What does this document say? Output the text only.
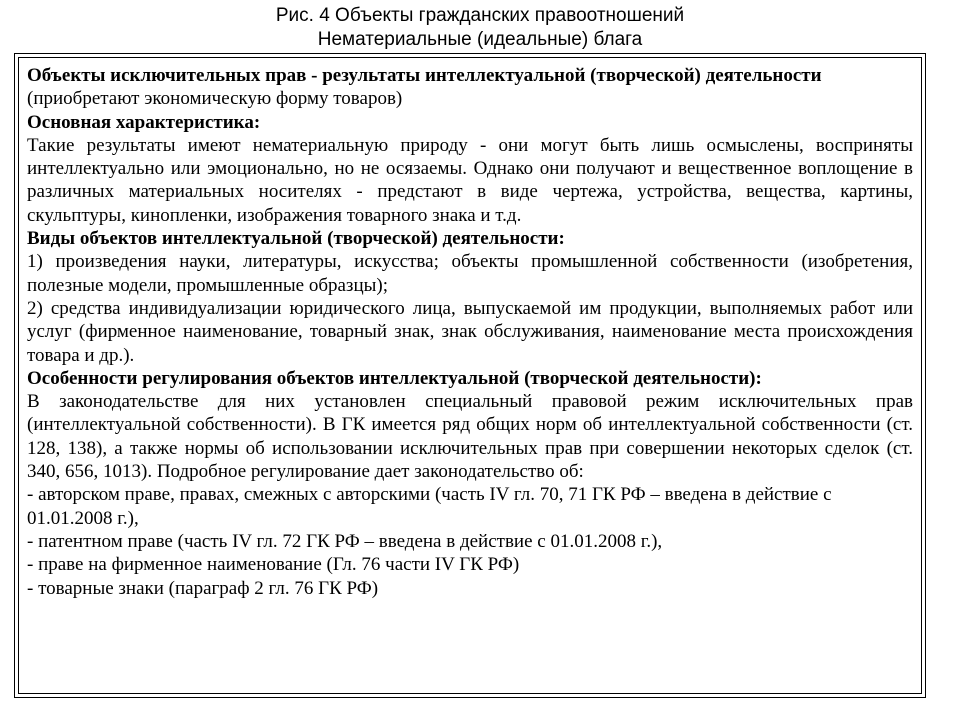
Рис. 4 Объекты гражданских правоотношений
Нематериальные (идеальные) блага

Объекты исключительных прав - результаты интеллектуальной (творческой) деятельности

(приобретают экономическую форму товаров)

Основная характеристика:

Такие результаты имеют нематериальную природу - они могут быть лишь осмыслены, восприняты интеллектуально или эмоционально, но не осязаемы. Однако они получают и вещественное воплощение в различных материальных носителях - предстают в виде чертежа, устройства, вещества, картины, скульптуры, кинопленки, изображения товарного знака и т.д.

Виды объектов интеллектуальной (творческой) деятельности:

1) произведения науки, литературы, искусства; объекты промышленной собственности (изобретения, полезные модели, промышленные образцы);

2) средства индивидуализации юридического лица, выпускаемой им продукции, выполняемых работ или услуг (фирменное наименование, товарный знак, знак обслуживания, наименование места происхождения товара и др.).

Особенности регулирования объектов интеллектуальной (творческой деятельности):

В законодательстве для них установлен специальный правовой режим исключительных прав (интеллектуальной собственности). В ГК имеется ряд общих норм об интеллектуальной собственности (ст. 128, 138), а также нормы об использовании исключительных прав при совершении некоторых сделок (ст. 340, 656, 1013). Подробное регулирование дает законодательство об:

- авторском праве, правах, смежных с авторскими (часть IV гл. 70, 71 ГК РФ – введена в действие с 01.01.2008 г.),

- патентном праве (часть IV гл. 72 ГК РФ – введена в действие с 01.01.2008 г.),

- праве на фирменное наименование (Гл. 76 части IV ГК РФ)

- товарные знаки (параграф 2 гл. 76 ГК РФ)
